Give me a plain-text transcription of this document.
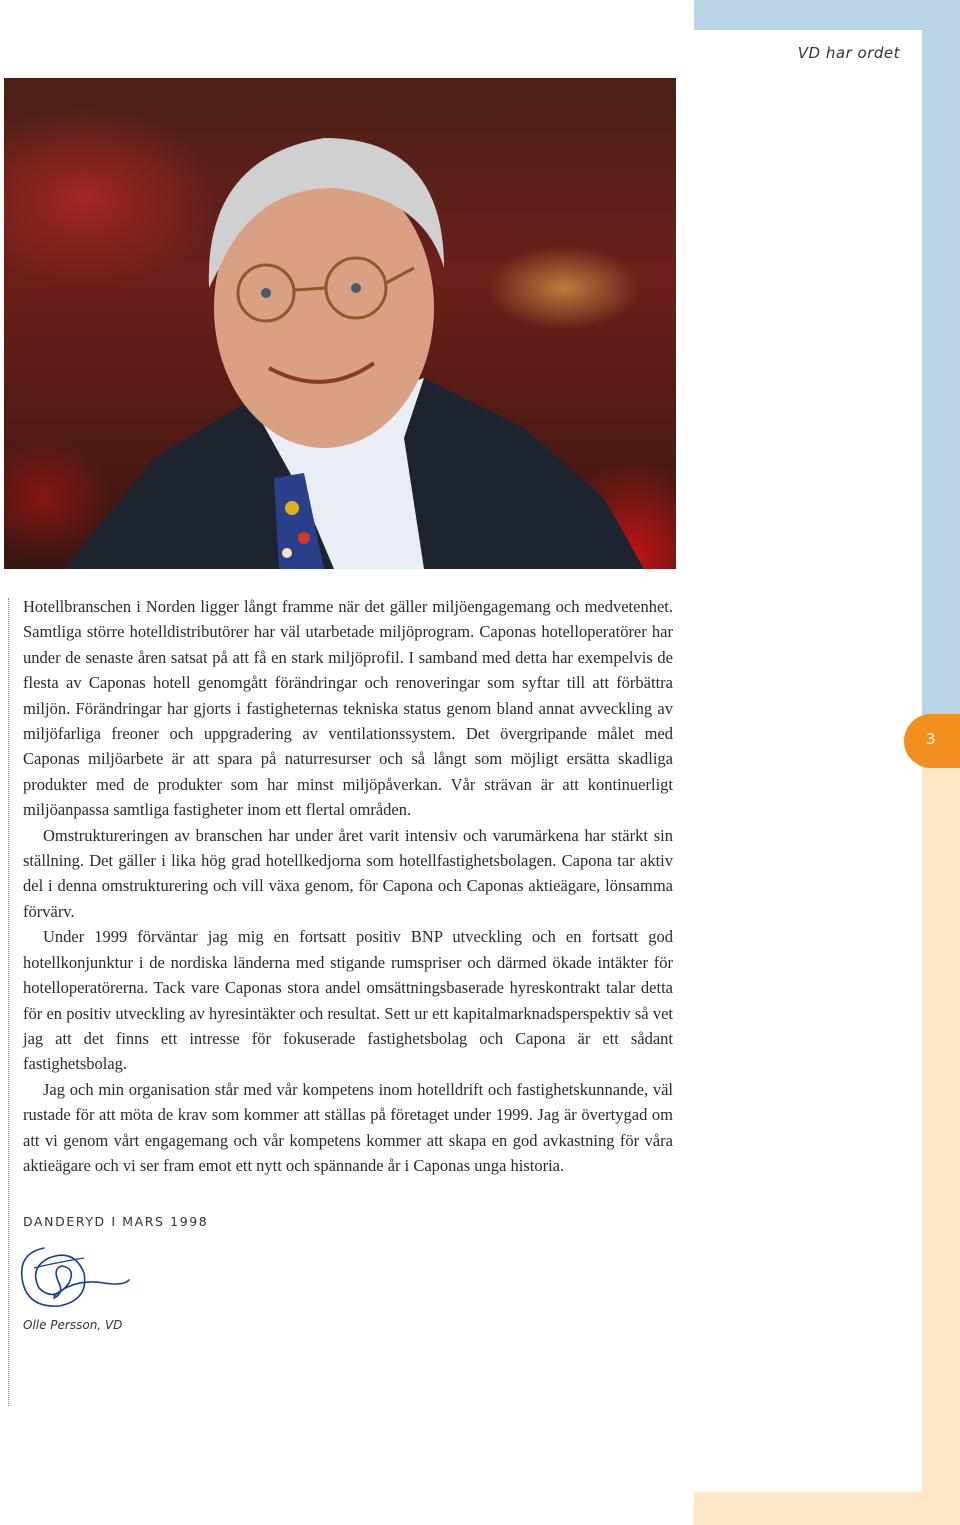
VD har ordet
3

Hotellbranschen i Norden ligger långt framme när det gäller miljöengagemang och medvetenhet. Samtliga större hotelldistributörer har väl utarbetade miljöprogram. Caponas hotelloperatörer har under de senaste åren satsat på att få en stark miljöprofil. I samband med detta har exempelvis de flesta av Caponas hotell genomgått förändringar och renoveringar som syftar till att förbättra miljön. Förändringar har gjorts i fastigheternas tekniska status genom bland annat avveckling av miljöfarliga freoner och uppgradering av ventilationssystem. Det övergripande målet med Caponas miljöarbete är att spara på naturresurser och så långt som möjligt ersätta skadliga produkter med de produkter som har minst miljöpåverkan. Vår strävan är att kontinuerligt miljöanpassa samtliga fastigheter inom ett flertal områden.

Omstruktureringen av branschen har under året varit intensiv och varumärkena har stärkt sin ställning. Det gäller i lika hög grad hotellkedjorna som hotellfastighetsbolagen. Capona tar aktiv del i denna omstrukturering och vill växa genom, för Capona och Caponas aktieägare, lönsamma förvärv.

Under 1999 förväntar jag mig en fortsatt positiv BNP utveckling och en fortsatt god hotellkonjunktur i de nordiska länderna med stigande rumspriser och därmed ökade intäkter för hotelloperatörerna. Tack vare Caponas stora andel omsättningsbaserade hyreskontrakt talar detta för en positiv utveckling av hyresintäkter och resultat. Sett ur ett kapitalmarknadsperspektiv så vet jag att det finns ett intresse för fokuserade fastighetsbolag och Capona är ett sådant fastighetsbolag.

Jag och min organisation står med vår kompetens inom hotelldrift och fastighetskunnande, väl rustade för att möta de krav som kommer att ställas på företaget under 1999. Jag är övertygad om att vi genom vårt engagemang och vår kompetens kommer att skapa en god avkastning för våra aktieägare och vi ser fram emot ett nytt och spännande år i Caponas unga historia.

DANDERYD I MARS 1998
Olle Persson, VD
